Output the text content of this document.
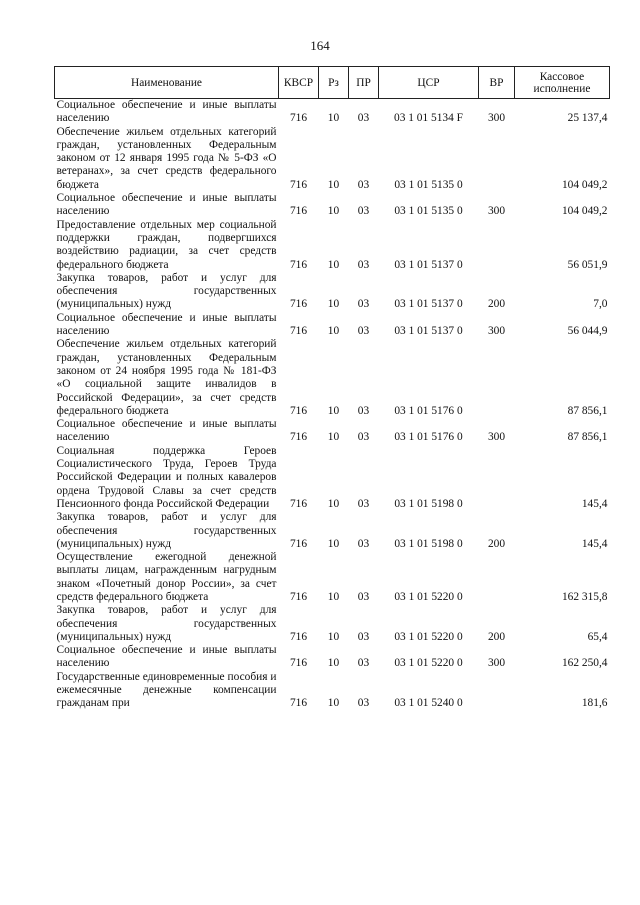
164
Наименование	КВСР	Рз	ПР	ЦСР	ВР	Кассовое исполнение
Социальное обеспечение и иные выплаты населению	716	10	03	03 1 01 5134 F	300	25 137,4
Обеспечение жильем отдельных категорий граждан, установленных Федеральным законом от 12 января 1995 года № 5-ФЗ «О ветеранах», за счет средств федерального бюджета	716	10	03	03 1 01 5135 0		104 049,2
Социальное обеспечение и иные выплаты населению	716	10	03	03 1 01 5135 0	300	104 049,2
Предоставление отдельных мер социальной поддержки граждан, подвергшихся воздействию радиации, за счет средств федерального бюджета	716	10	03	03 1 01 5137 0		56 051,9
Закупка товаров, работ и услуг для обеспечения государственных (муниципальных) нужд	716	10	03	03 1 01 5137 0	200	7,0
Социальное обеспечение и иные выплаты населению	716	10	03	03 1 01 5137 0	300	56 044,9
Обеспечение жильем отдельных категорий граждан, установленных Федеральным законом от 24 ноября 1995 года № 181-ФЗ «О социальной защите инвалидов в Российской Федерации», за счет средств федерального бюджета	716	10	03	03 1 01 5176 0		87 856,1
Социальное обеспечение и иные выплаты населению	716	10	03	03 1 01 5176 0	300	87 856,1
Социальная поддержка Героев Социалистического Труда, Героев Труда Российской Федерации и полных кавалеров ордена Трудовой Славы за счет средств Пенсионного фонда Российской Федерации	716	10	03	03 1 01 5198 0		145,4
Закупка товаров, работ и услуг для обеспечения государственных (муниципальных) нужд	716	10	03	03 1 01 5198 0	200	145,4
Осуществление ежегодной денежной выплаты лицам, награжденным нагрудным знаком «Почетный донор России», за счет средств федерального бюджета	716	10	03	03 1 01 5220 0		162 315,8
Закупка товаров, работ и услуг для обеспечения государственных (муниципальных) нужд	716	10	03	03 1 01 5220 0	200	65,4
Социальное обеспечение и иные выплаты населению	716	10	03	03 1 01 5220 0	300	162 250,4
Государственные единовременные пособия и ежемесячные денежные компенсации гражданам при	716	10	03	03 1 01 5240 0		181,6
